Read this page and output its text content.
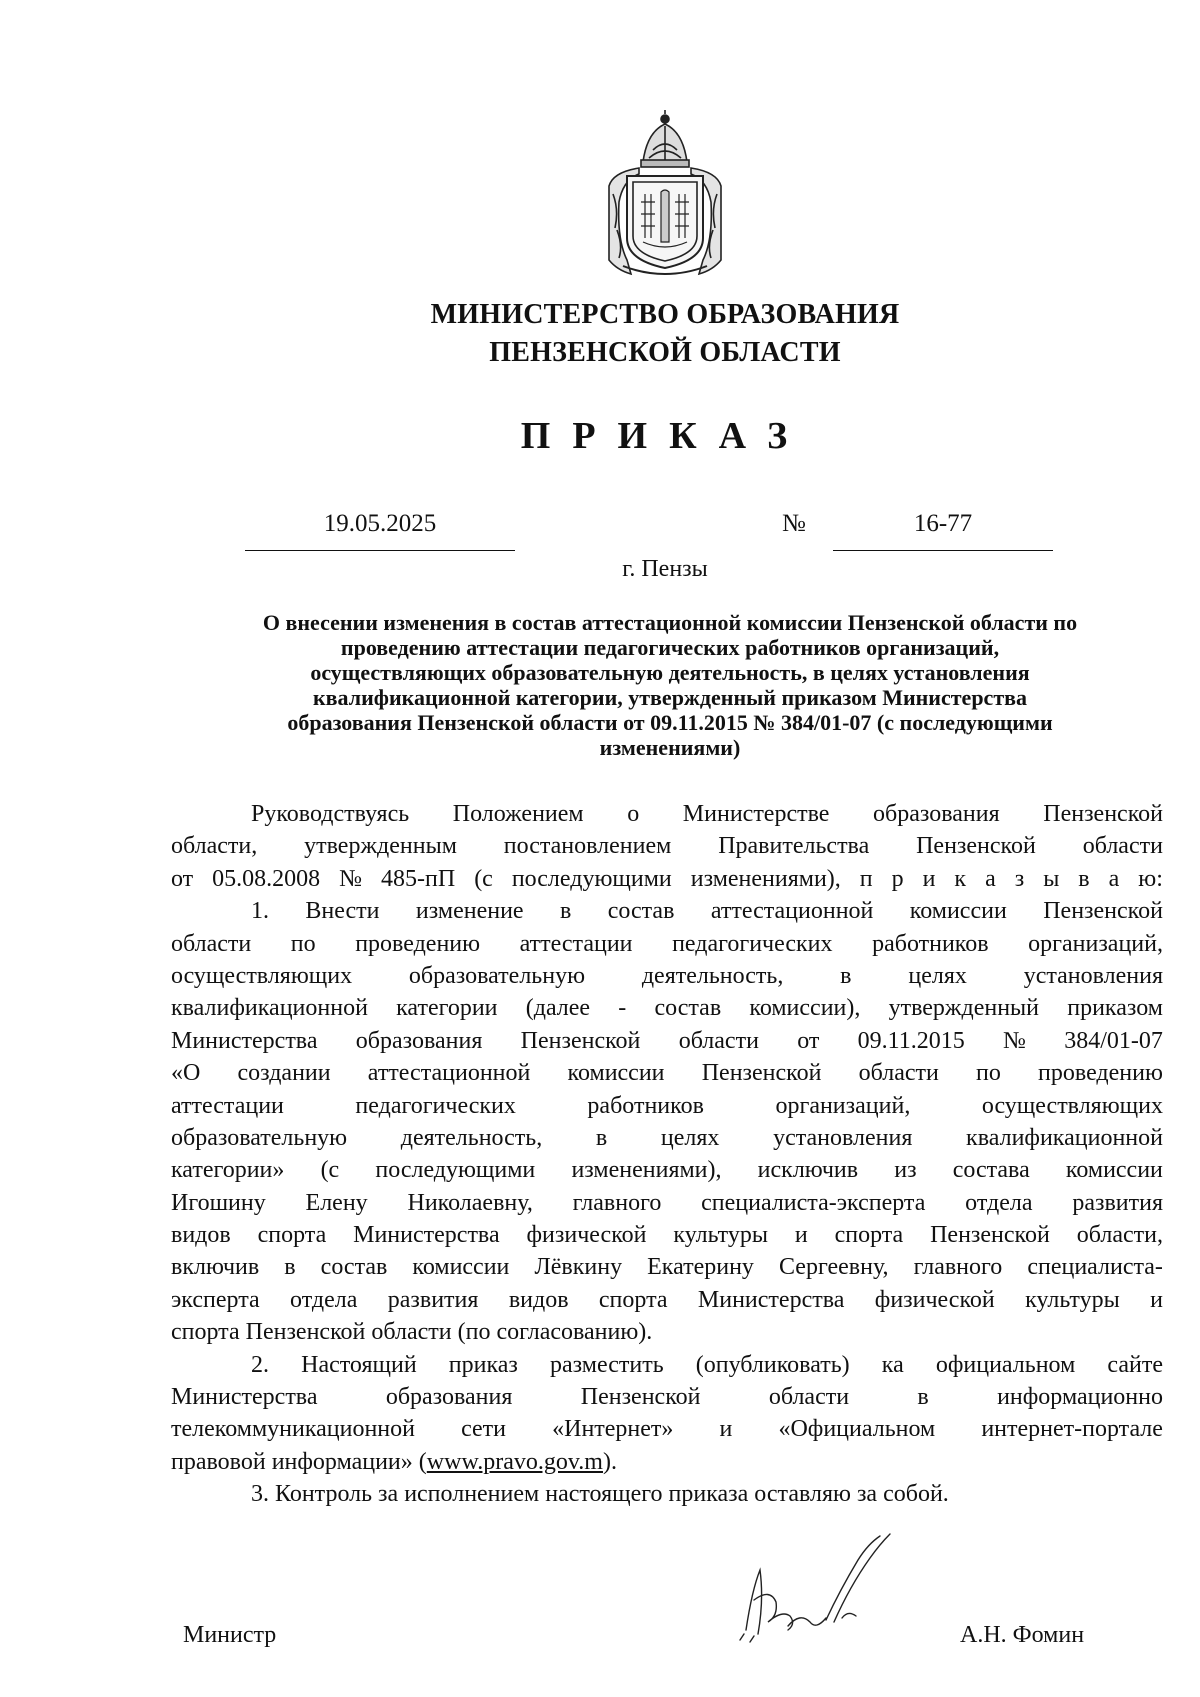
МИНИСТЕРСТВО ОБРАЗОВАНИЯ
ПЕНЗЕНСКОЙ ОБЛАСТИ
ПРИКАЗ
19.05.2025	№	16-77
г. Пензы
О внесении изменения в состав аттестационной комиссии Пензенской области по
проведению аттестации педагогических работников организаций,
осуществляющих образовательную деятельность, в целях установления
квалификационной категории, утвержденный приказом Министерства
образования Пензенской области от 09.11.2015 № 384/01-07 (с последующими
изменениями)
Руководствуясь Положением о Министерстве образования Пензенской
области, утвержденным постановлением Правительства Пензенской области
от 05.08.2008 № 485-пП (с последующими изменениями), п р и к а з ы в а ю:
1. Внести изменение в состав аттестационной комиссии Пензенской
области по проведению аттестации педагогических работников организаций,
осуществляющих образовательную деятельность, в целях установления
квалификационной категории (далее - состав комиссии), утвержденный приказом
Министерства образования Пензенской области от 09.11.2015 № 384/01-07
«О создании аттестационной комиссии Пензенской области по проведению
аттестации	педагогических	работников	организаций,	осуществляющих
образовательную деятельность, в целях установления квалификационной
категории» (с последующими изменениями), исключив из состава комиссии
Игошину Елену Николаевну, главного специалиста-эксперта отдела развития
видов спорта Министерства физической культуры и спорта Пензенской области,
включив в состав комиссии Лёвкину Екатерину Сергеевну, главного специалиста-
эксперта отдела развития видов спорта Министерства физической культуры и
спорта Пензенской области (по согласованию).
2. Настоящий приказ разместить (опубликовать) ка официальном сайте
Министерства	образования	Пензенской	области	в	информационно
телекоммуникационной сети «Интернет» и «Официальном интернет-портале
правовой информации» (www.pravo.gov.m).
3. Контроль за исполнением настоящего приказа оставляю за собой.
Министр	А.Н. Фомин
